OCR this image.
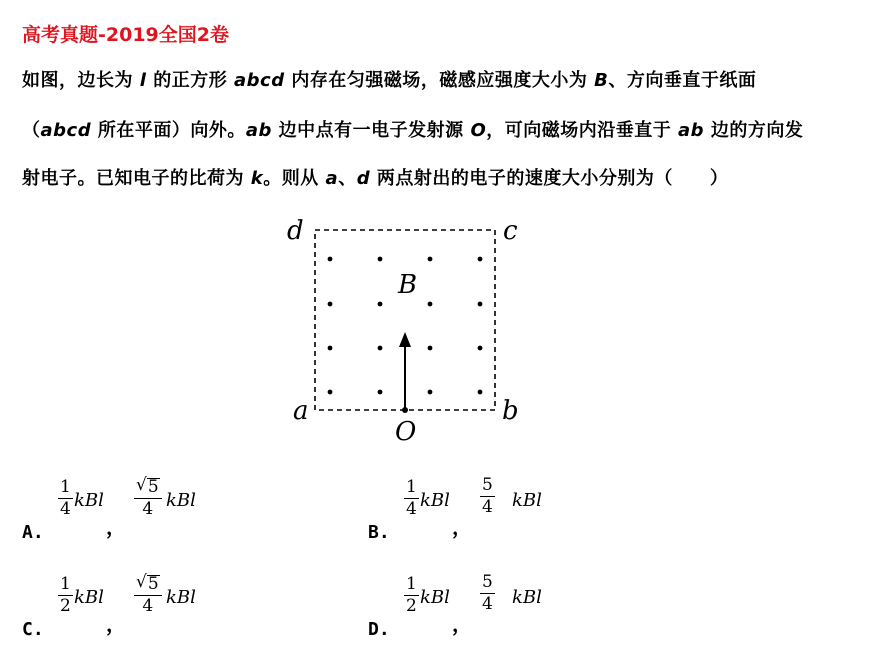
高考真题-2019全国2卷
如图，边长为 l 的正方形 abcd 内存在匀强磁场，磁感应强度大小为 B、方向垂直于纸面
（abcd 所在平面）向外。ab 边中点有一电子发射源 O，可向磁场内沿垂直于 ab 边的方向发
射电子。已知电子的比荷为 k。则从 a、d 两点射出的电子的速度大小分别为（　　）
d	c
a	b
B
O
A.
$\frac{1}{4}$ kBl
，
$\frac{√ 5}{4}$ kBl
B.
$\frac{1}{4}$ kBl
，
$\frac{5}{4}$ kBl
C.
$\frac{1}{2}$ kBl
，
$\frac{√ 5}{4}$ kBl
D.
$\frac{1}{2}$ kBl
，
$\frac{5}{4}$ kBl
